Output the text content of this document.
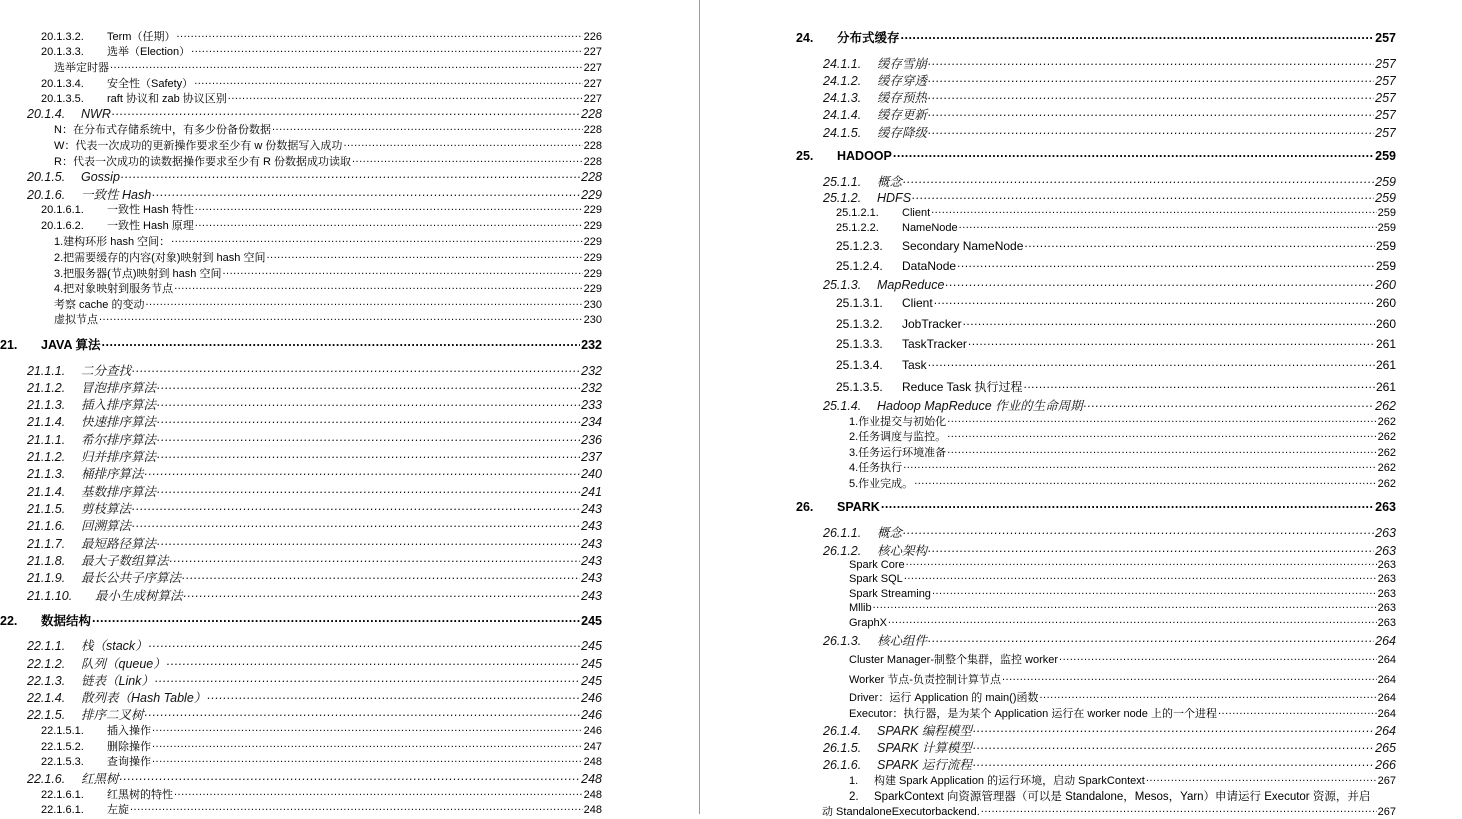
20.1.3.2.	Term（任期） .....	226
20.1.3.3.	选举（Election） .....	227
选举定时器 .....	227
20.1.3.4.	安全性（Safety） .....	227
20.1.3.5.	raft 协议和 zab 协议区别 .....	227
20.1.4.	NWR .....	228
N：在分布式存储系统中，有多少份备份数据 .....	228
W：代表一次成功的更新操作要求至少有 w 份数据写入成功 .....	228
R：代表一次成功的读数据操作要求至少有 R 份数据成功读取 .....	228
20.1.5.	Gossip .....	228
20.1.6.	一致性 Hash .....	229
20.1.6.1.	一致性 Hash 特性 .....	229
20.1.6.2.	一致性 Hash 原理 .....	229
1.建构环形 hash 空间： .....	229
2.把需要缓存的内容(对象)映射到 hash 空间 .....	229
3.把服务器(节点)映射到 hash 空间 .....	229
4.把对象映射到服务节点 .....	229
考察 cache 的变动 .....	230
虚拟节点 .....	230
21.	JAVA 算法 .....	232
21.1.1.	二分查找 .....	232
21.1.2.	冒泡排序算法 .....	232
21.1.3.	插入排序算法 .....	233
21.1.4.	快速排序算法 .....	234
21.1.1.	希尔排序算法 .....	236
21.1.2.	归并排序算法 .....	237
21.1.3.	桶排序算法 .....	240
21.1.4.	基数排序算法 .....	241
21.1.5.	剪枝算法 .....	243
21.1.6.	回溯算法 .....	243
21.1.7.	最短路径算法 .....	243
21.1.8.	最大子数组算法 .....	243
21.1.9.	最长公共子序算法 .....	243
21.1.10.	最小生成树算法 .....	243
22.	数据结构 .....	245
22.1.1.	栈（stack） .....	245
22.1.2.	队列（queue） .....	245
22.1.3.	链表（Link） .....	245
22.1.4.	散列表（Hash Table） .....	246
22.1.5.	排序二叉树 .....	246
22.1.5.1.	插入操作 .....	246
22.1.5.2.	删除操作 .....	247
22.1.5.3.	查询操作 .....	248
22.1.6.	红黑树 .....	248
22.1.6.1.	红黑树的特性 .....	248
22.1.6.1.	左旋 .....	248
24.	分布式缓存 .....	257
24.1.1.	缓存雪崩 .....	257
24.1.2.	缓存穿透 .....	257
24.1.3.	缓存预热 .....	257
24.1.4.	缓存更新 .....	257
24.1.5.	缓存降级 .....	257
25.	HADOOP .....	259
25.1.1.	概念 .....	259
25.1.2.	HDFS .....	259
25.1.2.1.	Client .....	259
25.1.2.2.	NameNode .....	259
25.1.2.3.	Secondary NameNode .....	259
25.1.2.4.	DataNode .....	259
25.1.3.	MapReduce .....	260
25.1.3.1.	Client .....	260
25.1.3.2.	JobTracker .....	260
25.1.3.3.	TaskTracker .....	261
25.1.3.4.	Task .....	261
25.1.3.5.	Reduce Task 执行过程 .....	261
25.1.4.	Hadoop MapReduce 作业的生命周期 .....	262
1.作业提交与初始化 .....	262
2.任务调度与监控。 .....	262
3.任务运行环境准备 .....	262
4.任务执行 .....	262
5.作业完成。 .....	262
26.	SPARK .....	263
26.1.1.	概念 .....	263
26.1.2.	核心架构 .....	263
Spark Core .....	263
Spark SQL .....	263
Spark Streaming .....	263
Mllib .....	263
GraphX .....	263
26.1.3.	核心组件 .....	264
Cluster Manager-制整个集群，监控 worker .....	264
Worker 节点-负责控制计算节点 .....	264
Driver：运行 Application 的 main()函数 .....	264
Executor：执行器，是为某个 Application 运行在 worker node 上的一个进程 .....	264
26.1.4.	SPARK 编程模型 .....	264
26.1.5.	SPARK 计算模型 .....	265
26.1.6.	SPARK 运行流程 .....	266
1.	构建 Spark Application 的运行环境，启动 SparkContext .....	267
2.	SparkContext 向资源管理器（可以是 Standalone，Mesos，Yarn）申请运行 Executor 资源，并启
动 StandaloneExecutorbackend. .....	267
